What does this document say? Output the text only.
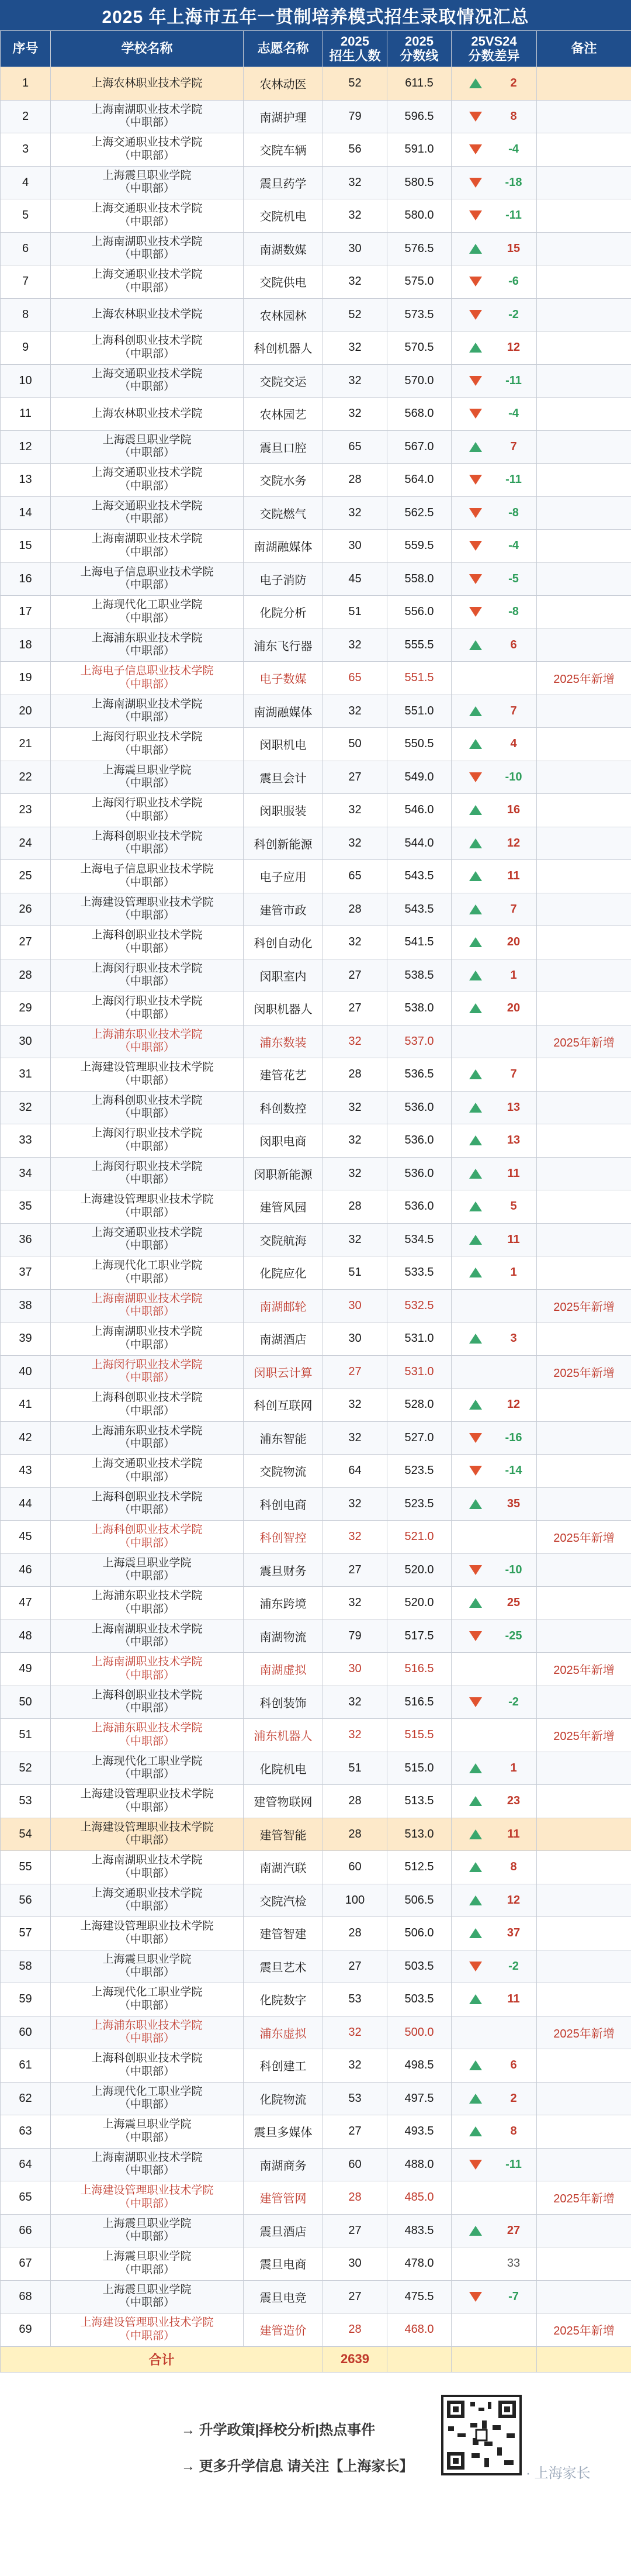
2025 年上海市五年一贯制培养模式招生录取情况汇总
序号	学校名称	志愿名称	2025
招生人数	2025
分数线	25VS24
分数差异	备注
1	上海农林职业技术学院	农林动医	52	611.5	2	

2	上海南湖职业技术学院
（中职部）	南湖护理	79	596.5	8	

3	上海交通职业技术学院
（中职部）	交院车辆	56	591.0	-4	

4	上海震旦职业学院
（中职部）	震旦药学	32	580.5	-18	

5	上海交通职业技术学院
（中职部）	交院机电	32	580.0	-11	

6	上海南湖职业技术学院
（中职部）	南湖数媒	30	576.5	15	

7	上海交通职业技术学院
（中职部）	交院供电	32	575.0	-6	

8	上海农林职业技术学院	农林园林	52	573.5	-2	

9	上海科创职业技术学院
（中职部）	科创机器人	32	570.5	12	

10	上海交通职业技术学院
（中职部）	交院交运	32	570.0	-11	

11	上海农林职业技术学院	农林园艺	32	568.0	-4	

12	上海震旦职业学院
（中职部）	震旦口腔	65	567.0	7	

13	上海交通职业技术学院
（中职部）	交院水务	28	564.0	-11	

14	上海交通职业技术学院
（中职部）	交院燃气	32	562.5	-8	

15	上海南湖职业技术学院
（中职部）	南湖融媒体	30	559.5	-4	

16	上海电子信息职业技术学院
（中职部）	电子消防	45	558.0	-5	

17	上海现代化工职业学院
（中职部）	化院分析	51	556.0	-8	

18	上海浦东职业技术学院
（中职部）	浦东飞行器	32	555.5	6	

19	上海电子信息职业技术学院
（中职部）	电子数媒	65	551.5		2025年新增
20	上海南湖职业技术学院
（中职部）	南湖融媒体	32	551.0	7	

21	上海闵行职业技术学院
（中职部）	闵职机电	50	550.5	4	

22	上海震旦职业学院
（中职部）	震旦会计	27	549.0	-10	

23	上海闵行职业技术学院
（中职部）	闵职服装	32	546.0	16	

24	上海科创职业技术学院
（中职部）	科创新能源	32	544.0	12	

25	上海电子信息职业技术学院
（中职部）	电子应用	65	543.5	11	

26	上海建设管理职业技术学院
（中职部）	建管市政	28	543.5	7	

27	上海科创职业技术学院
（中职部）	科创自动化	32	541.5	20	

28	上海闵行职业技术学院
（中职部）	闵职室内	27	538.5	1	

29	上海闵行职业技术学院
（中职部）	闵职机器人	27	538.0	20	

30	上海浦东职业技术学院
（中职部）	浦东数装	32	537.0		2025年新增
31	上海建设管理职业技术学院
（中职部）	建管花艺	28	536.5	7	

32	上海科创职业技术学院
（中职部）	科创数控	32	536.0	13	

33	上海闵行职业技术学院
（中职部）	闵职电商	32	536.0	13	

34	上海闵行职业技术学院
（中职部）	闵职新能源	32	536.0	11	

35	上海建设管理职业技术学院
（中职部）	建管风园	28	536.0	5	

36	上海交通职业技术学院
（中职部）	交院航海	32	534.5	11	

37	上海现代化工职业学院
（中职部）	化院应化	51	533.5	1	

38	上海南湖职业技术学院
（中职部）	南湖邮轮	30	532.5		2025年新增
39	上海南湖职业技术学院
（中职部）	南湖酒店	30	531.0	3	

40	上海闵行职业技术学院
（中职部）	闵职云计算	27	531.0		2025年新增
41	上海科创职业技术学院
（中职部）	科创互联网	32	528.0	12	

42	上海浦东职业技术学院
（中职部）	浦东智能	32	527.0	-16	

43	上海交通职业技术学院
（中职部）	交院物流	64	523.5	-14	

44	上海科创职业技术学院
（中职部）	科创电商	32	523.5	35	

45	上海科创职业技术学院
（中职部）	科创智控	32	521.0		2025年新增
46	上海震旦职业学院
（中职部）	震旦财务	27	520.0	-10	

47	上海浦东职业技术学院
（中职部）	浦东跨境	32	520.0	25	

48	上海南湖职业技术学院
（中职部）	南湖物流	79	517.5	-25	

49	上海南湖职业技术学院
（中职部）	南湖虚拟	30	516.5		2025年新增
50	上海科创职业技术学院
（中职部）	科创装饰	32	516.5	-2	

51	上海浦东职业技术学院
（中职部）	浦东机器人	32	515.5		2025年新增
52	上海现代化工职业学院
（中职部）	化院机电	51	515.0	1	

53	上海建设管理职业技术学院
（中职部）	建管物联网	28	513.5	23	

54	上海建设管理职业技术学院
（中职部）	建管智能	28	513.0	11	

55	上海南湖职业技术学院
（中职部）	南湖汽联	60	512.5	8	

56	上海交通职业技术学院
（中职部）	交院汽检	100	506.5	12	

57	上海建设管理职业技术学院
（中职部）	建管智建	28	506.0	37	

58	上海震旦职业学院
（中职部）	震旦艺术	27	503.5	-2	

59	上海现代化工职业学院
（中职部）	化院数字	53	503.5	11	

60	上海浦东职业技术学院
（中职部）	浦东虚拟	32	500.0		2025年新增
61	上海科创职业技术学院
（中职部）	科创建工	32	498.5	6	

62	上海现代化工职业学院
（中职部）	化院物流	53	497.5	2	

63	上海震旦职业学院
（中职部）	震旦多媒体	27	493.5	8	

64	上海南湖职业技术学院
（中职部）	南湖商务	60	488.0	-11	

65	上海建设管理职业技术学院
（中职部）	建管管网	28	485.0		2025年新增
66	上海震旦职业学院
（中职部）	震旦酒店	27	483.5	27	

67	上海震旦职业学院
（中职部）	震旦电商	30	478.0	33	

68	上海震旦职业学院
（中职部）	震旦电竞	27	475.5	-7	

69	上海建设管理职业技术学院
（中职部）	建管造价	28	468.0		2025年新增
合计			2639			
→ 升学政策|择校分析|热点事件
→ 更多升学信息 请关注【上海家长】	· 上海家长
